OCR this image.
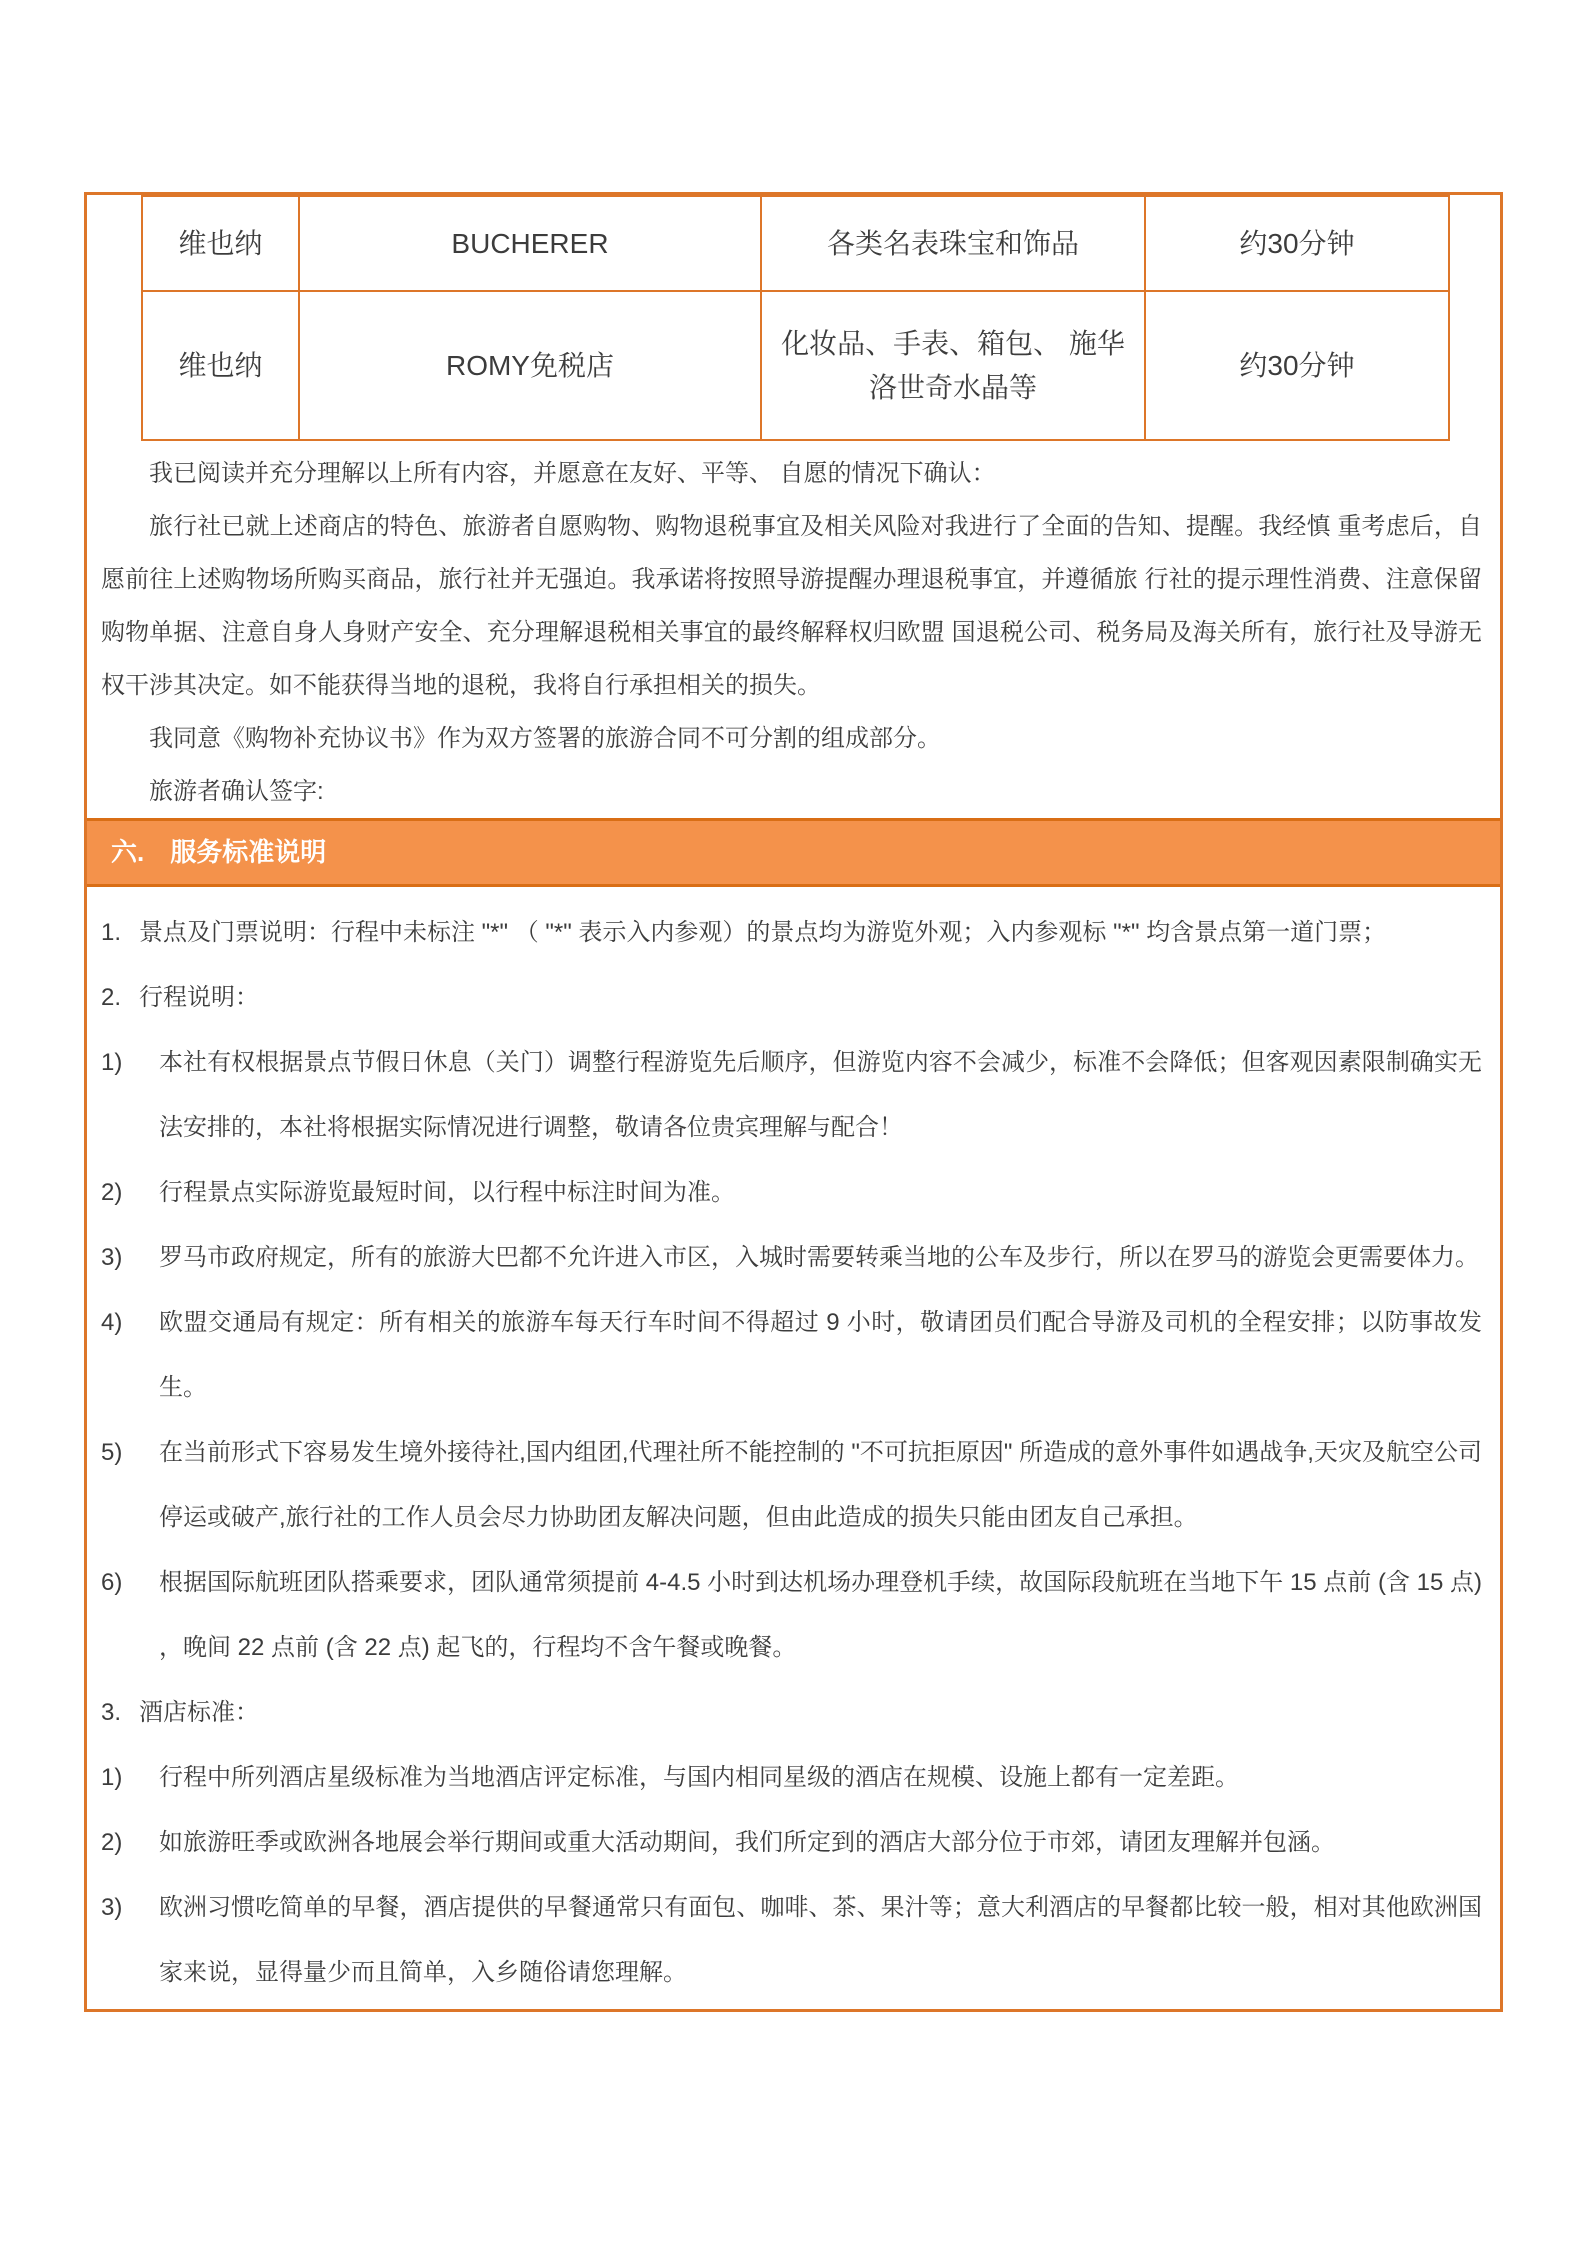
维也纳	BUCHERER	各类名表珠宝和饰品	约30分钟
维也纳	ROMY免税店	化妆品、手表、箱包、 施华洛世奇水晶等	约30分钟

我已阅读并充分理解以上所有内容，并愿意在友好、平等、 自愿的情况下确认：

旅行社已就上述商店的特色、旅游者自愿购物、购物退税事宜及相关风险对我进行了全面的告知、提醒。我经慎 重考虑后，自愿前往上述购物场所购买商品，旅行社并无强迫。我承诺将按照导游提醒办理退税事宜，并遵循旅 行社的提示理性消费、注意保留购物单据、注意自身人身财产安全、充分理解退税相关事宜的最终解释权归欧盟 国退税公司、税务局及海关所有，旅行社及导游无权干涉其决定。如不能获得当地的退税，我将自行承担相关的损失。

我同意《购物补充协议书》作为双方签署的旅游合同不可分割的组成部分。

旅游者确认签字:

六.　服务标准说明
1. 景点及门票说明：行程中未标注 "*" （ "*" 表示入内参观）的景点均为游览外观；入内参观标 "*" 均含景点第一道门票；
2. 行程说明：
1)	本社有权根据景点节假日休息（关门）调整行程游览先后顺序，但游览内容不会减少，标准不会降低；但客观因素限制确实无法安排的，本社将根据实际情况进行调整，敬请各位贵宾理解与配合！
2)	行程景点实际游览最短时间，以行程中标注时间为准。
3)	罗马市政府规定，所有的旅游大巴都不允许进入市区，入城时需要转乘当地的公车及步行，所以在罗马的游览会更需要体力。
4)	欧盟交通局有规定：所有相关的旅游车每天行车时间不得超过 9 小时，敬请团员们配合导游及司机的全程安排；以防事故发生。
5)	在当前形式下容易发生境外接待社,国内组团,代理社所不能控制的 "不可抗拒原因" 所造成的意外事件如遇战争,天灾及航空公司停运或破产,旅行社的工作人员会尽力协助团友解决问题，但由此造成的损失只能由团友自己承担。
6)	根据国际航班团队搭乘要求，团队通常须提前 4-4.5 小时到达机场办理登机手续，故国际段航班在当地下午 15 点前 (含 15 点) ，晚间 22 点前 (含 22 点) 起飞的，行程均不含午餐或晚餐。
3. 酒店标准：
1)	行程中所列酒店星级标准为当地酒店评定标准，与国内相同星级的酒店在规模、设施上都有一定差距。
2)	如旅游旺季或欧洲各地展会举行期间或重大活动期间，我们所定到的酒店大部分位于市郊，请团友理解并包涵。
3)	欧洲习惯吃简单的早餐，酒店提供的早餐通常只有面包、咖啡、茶、果汁等；意大利酒店的早餐都比较一般，相对其他欧洲国家来说，显得量少而且简单，入乡随俗请您理解。
